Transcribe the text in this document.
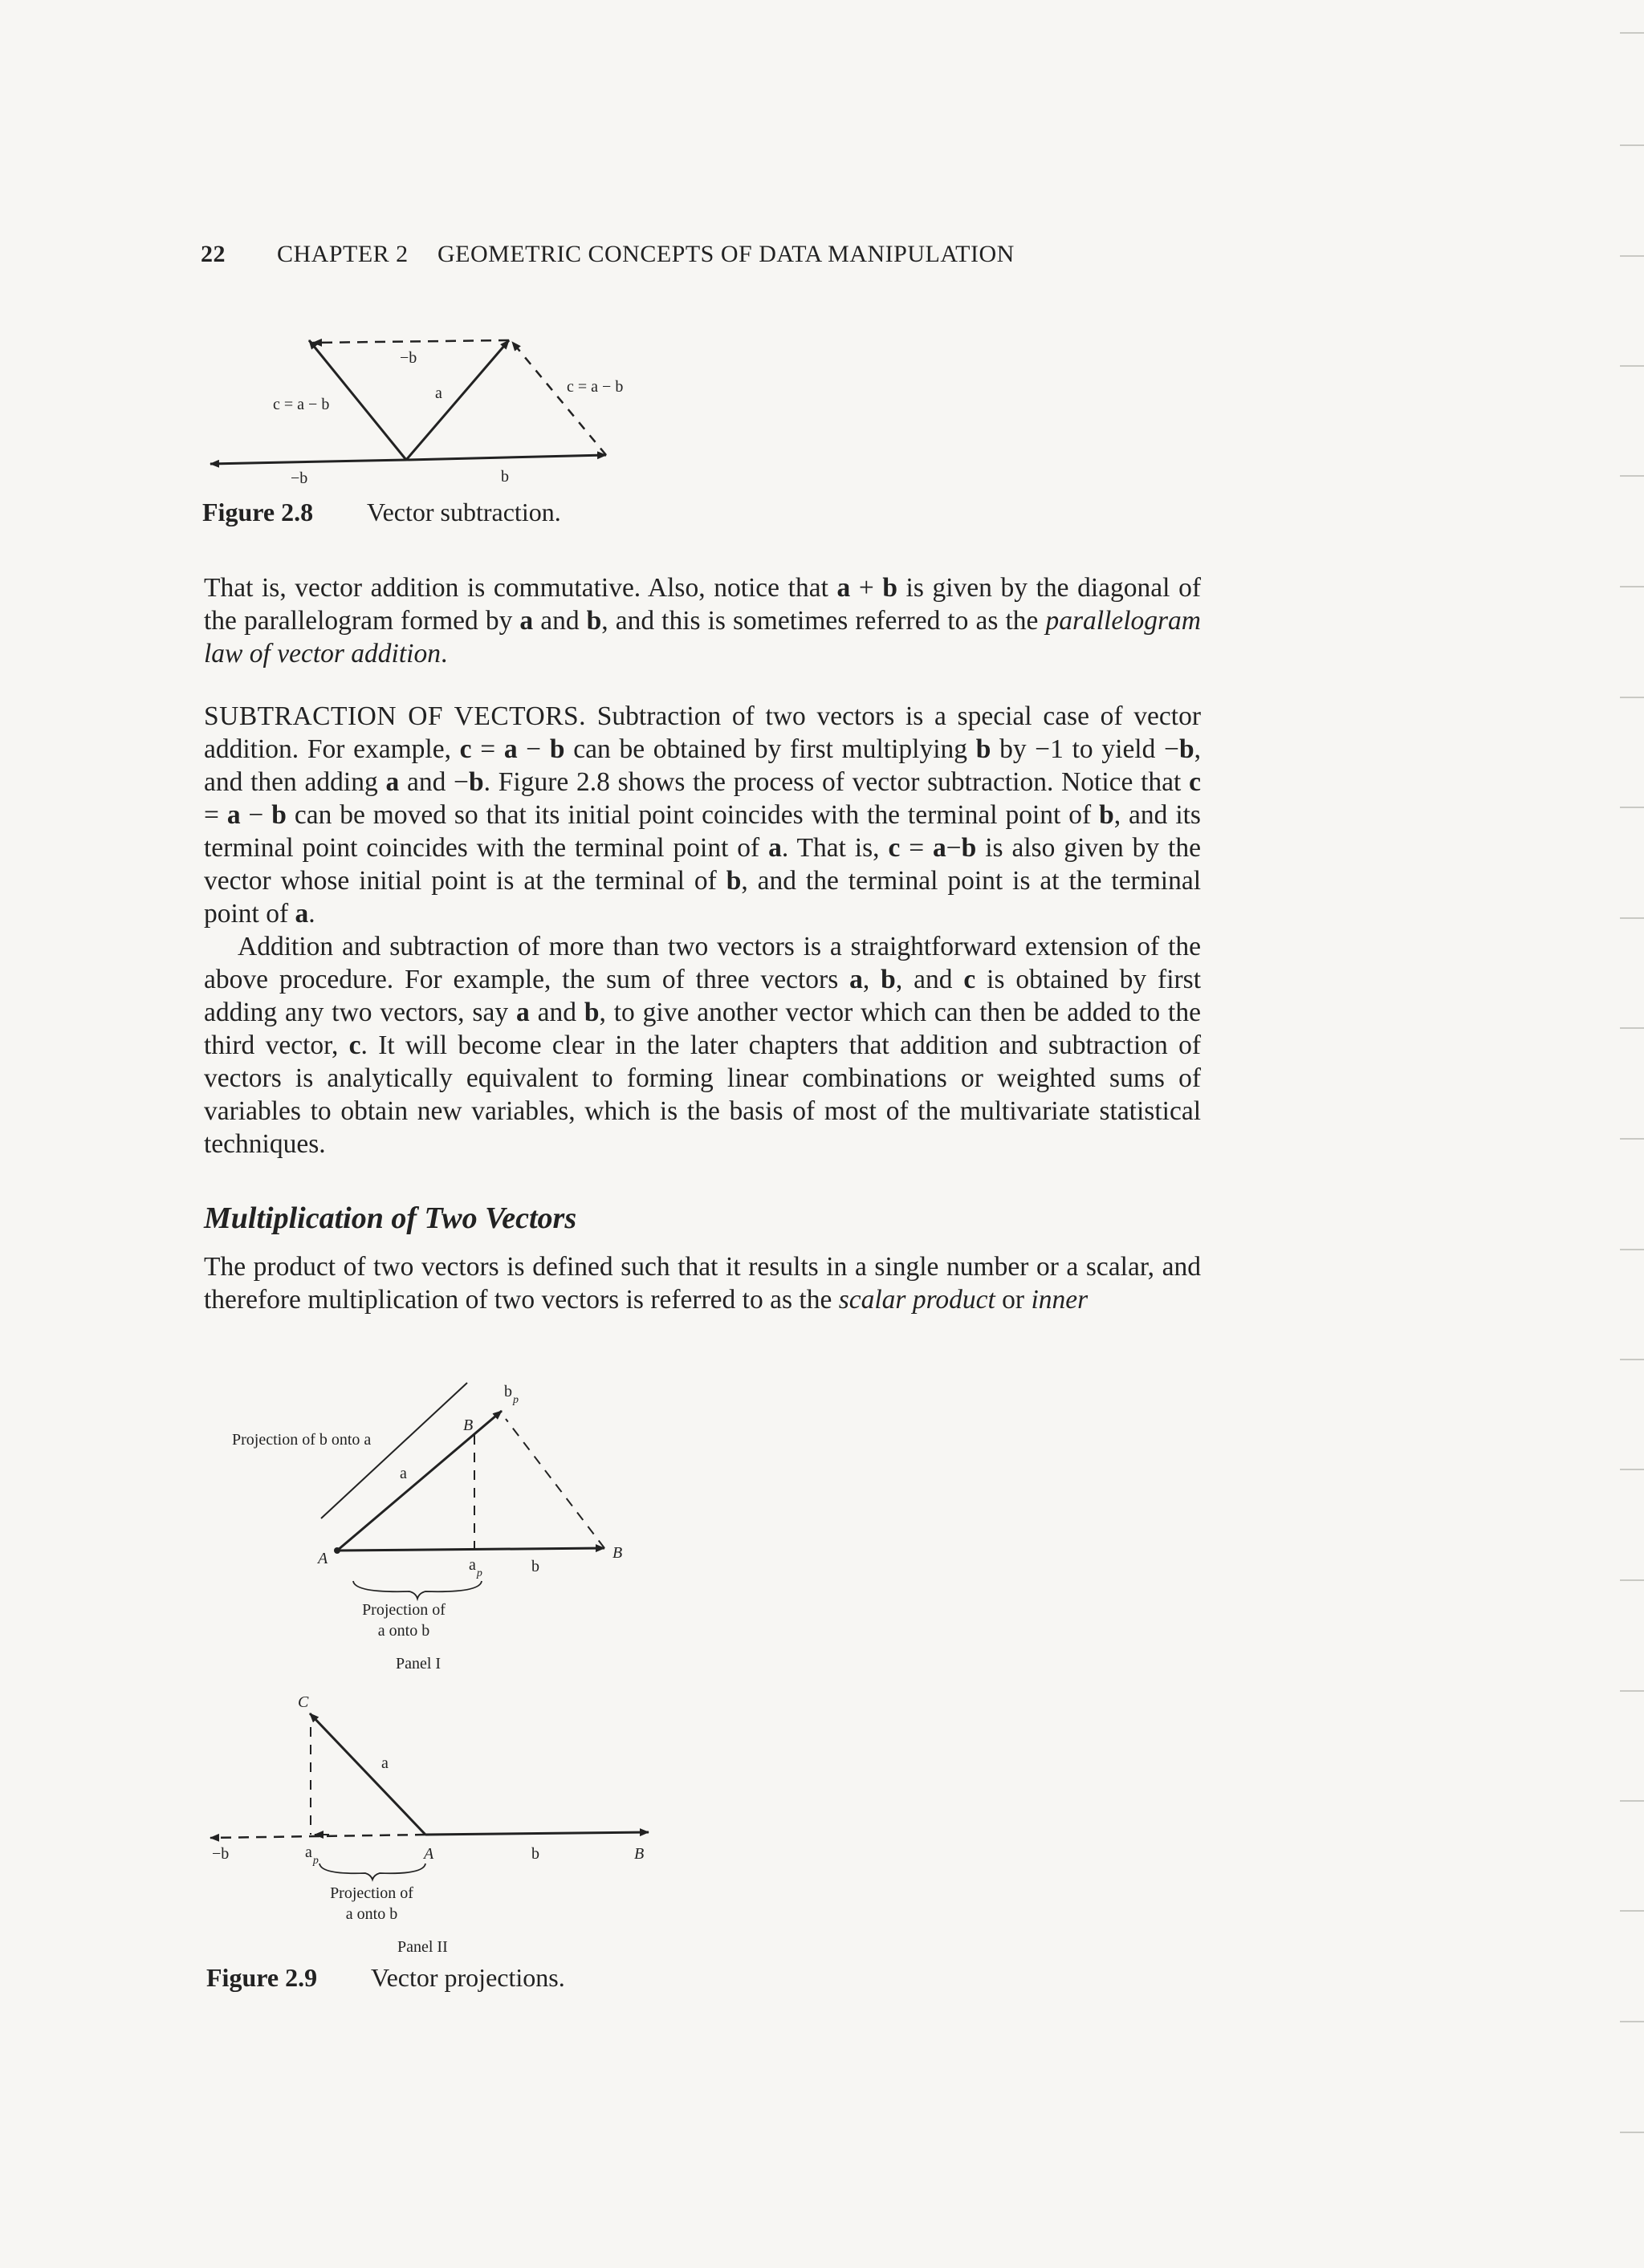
22 CHAPTER 2 GEOMETRIC CONCEPTS OF DATA MANIPULATION
−b
c = a − b
a	c = a − b
−b	b
Figure 2.8 Vector subtraction.

That is, vector addition is commutative. Also, notice that a + b is given by the diagonal of the parallelogram formed by a and b, and this is sometimes referred to as the parallelogram law of vector addition.

SUBTRACTION OF VECTORS. Subtraction of two vectors is a special case of vector addition. For example, c = a − b can be obtained by first multiplying b by −1 to yield −b, and then adding a and −b. Figure 2.8 shows the process of vector subtraction. Notice that c = a − b can be moved so that its initial point coincides with the terminal point of b, and its terminal point coincides with the terminal point of a. That is, c = a−b is also given by the vector whose initial point is at the terminal of b, and the terminal point is at the terminal point of a.

Addition and subtraction of more than two vectors is a straightforward extension of the above procedure. For example, the sum of three vectors a, b, and c is obtained by first adding any two vectors, say a and b, to give another vector which can then be added to the third vector, c. It will become clear in the later chapters that addition and subtraction of vectors is analytically equivalent to forming linear combinations or weighted sums of variables to obtain new variables, which is the basis of most of the multivariate statistical techniques.

Multiplication of Two Vectors

The product of two vectors is defined such that it results in a single number or a scalar, and therefore multiplication of two vectors is referred to as the scalar product or inner

Projection of b onto a
a
B
$b_p$
A	$a_p$	b
B
Projection of a onto b
Panel I
C
a
−b	$a_p$	A	b	B
Projection of a onto b
Panel II
Figure 2.9 Vector projections.
